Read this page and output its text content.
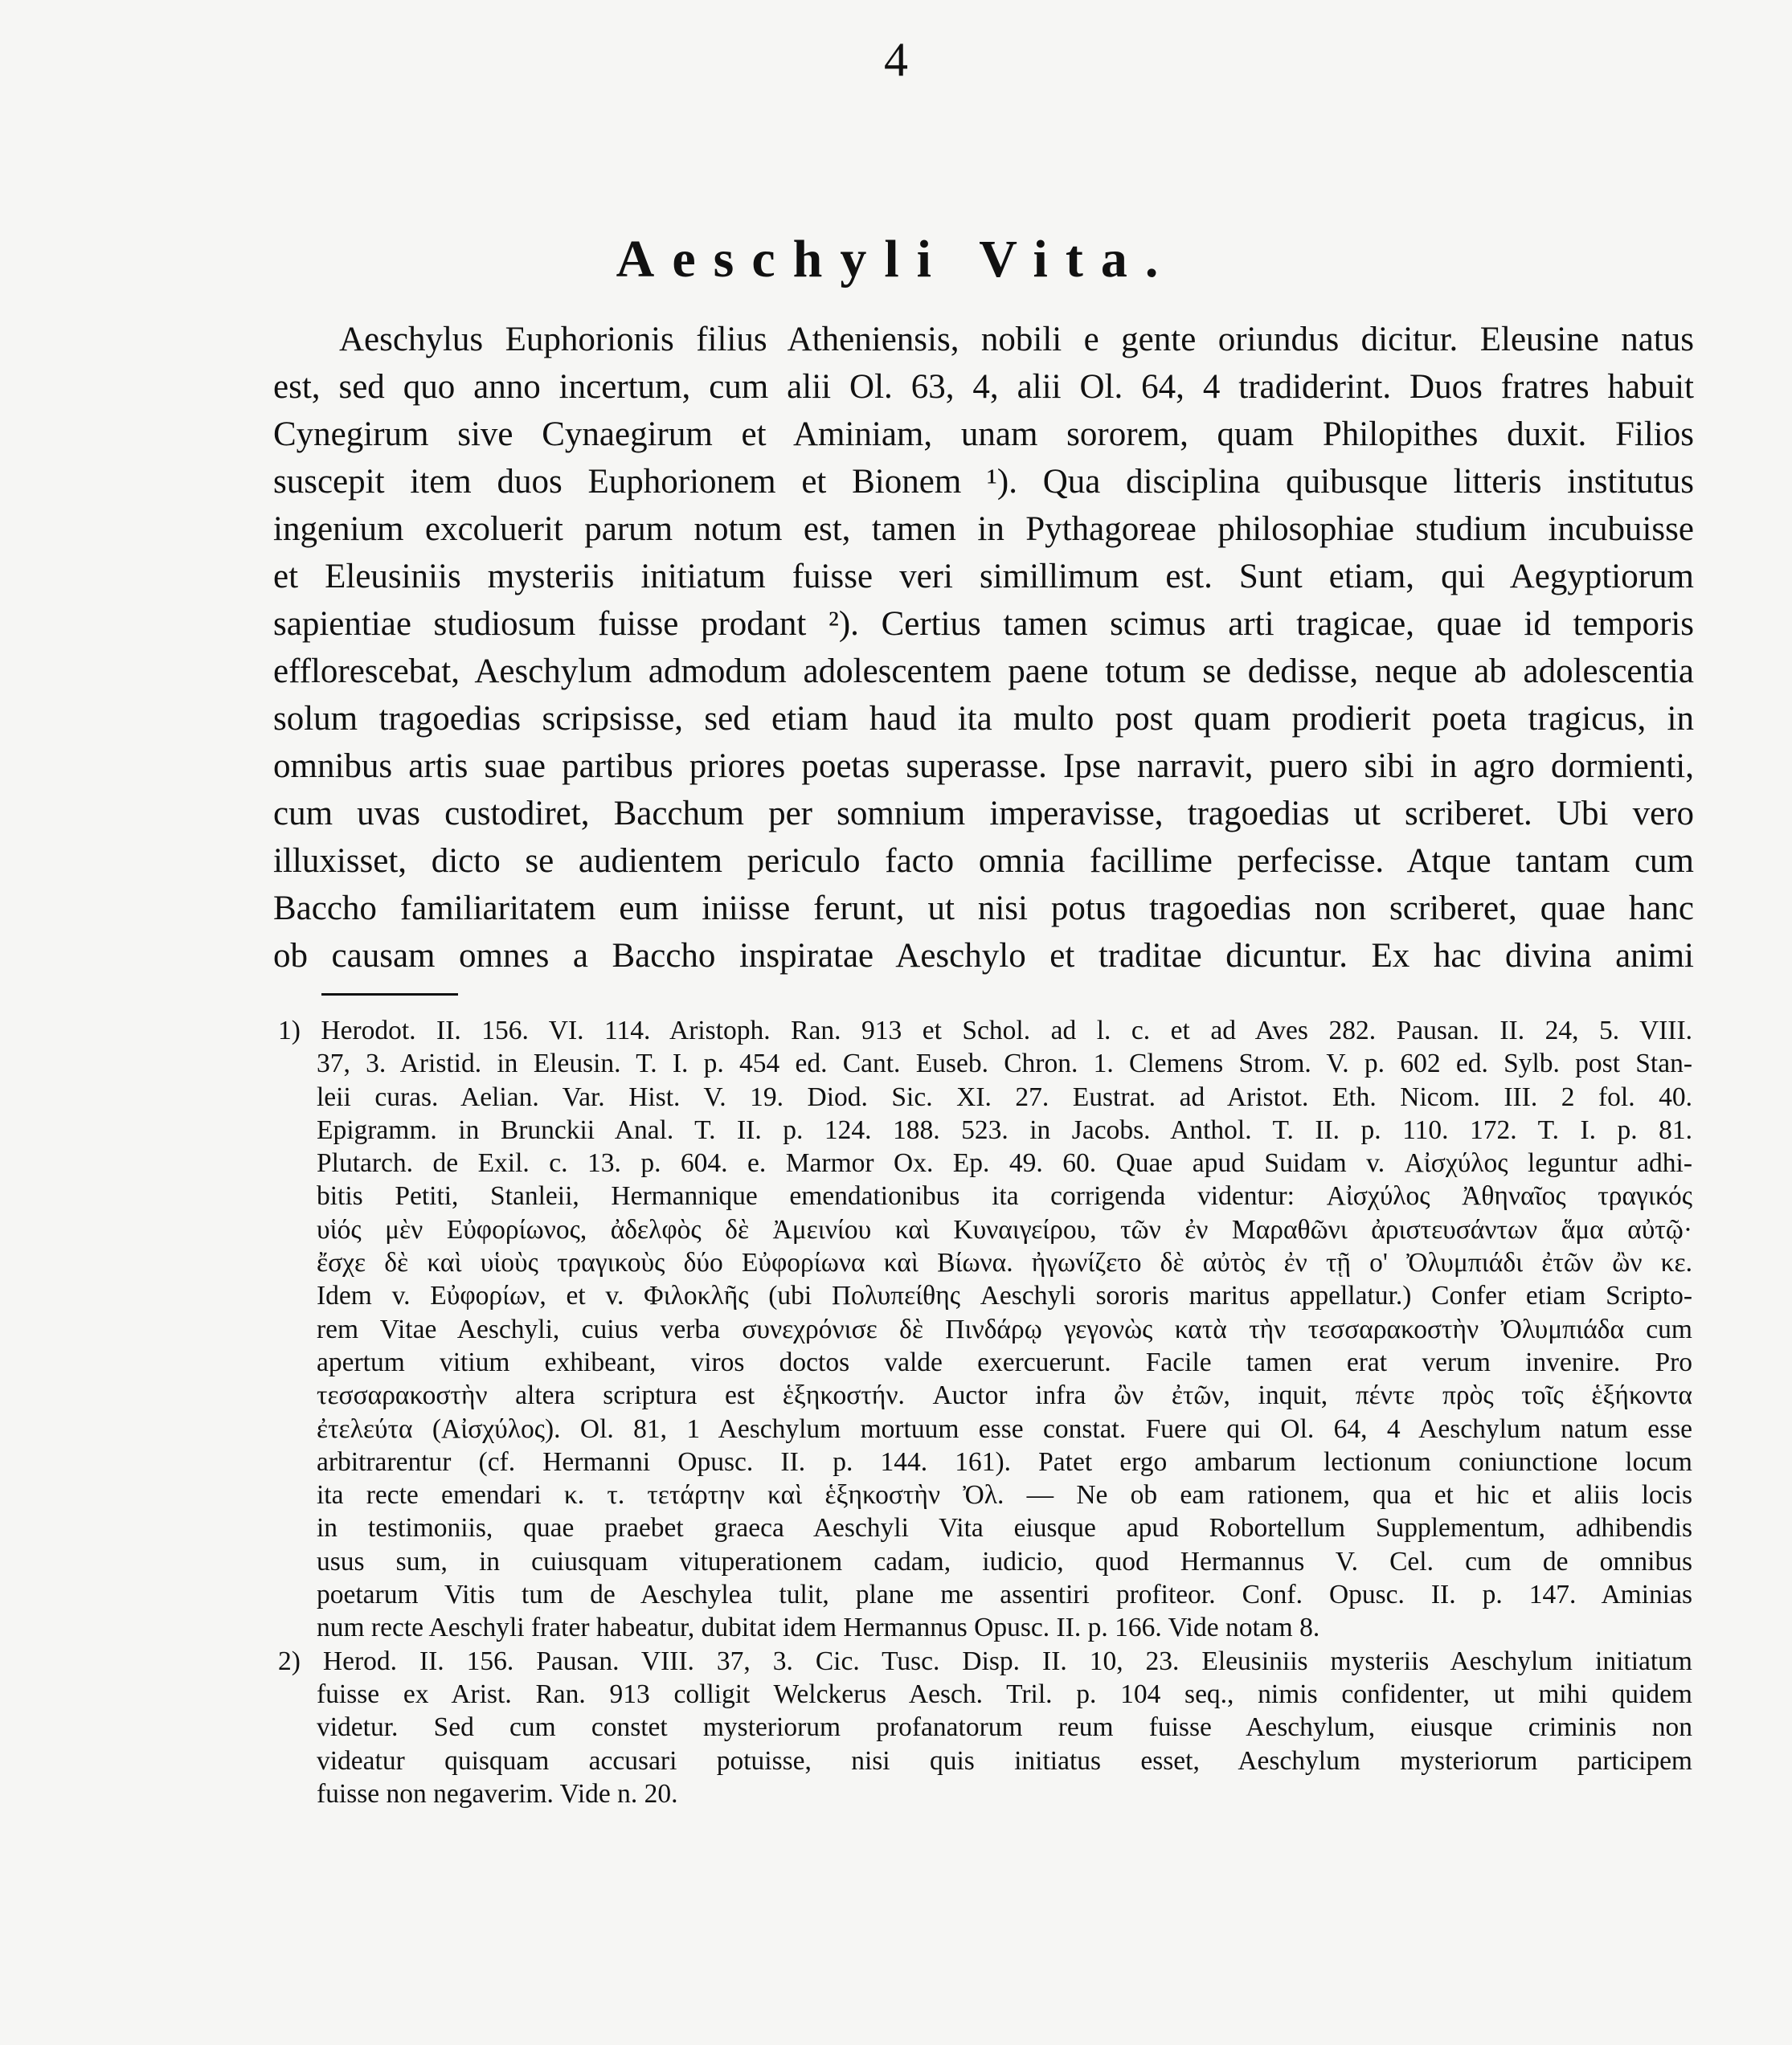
4
Aeschyli Vita.
Aeschylus Euphorionis filius Atheniensis, nobili e gente oriundus dicitur. Eleusine natus
est, sed quo anno incertum, cum alii Ol. 63, 4, alii Ol. 64, 4 tradiderint. Duos fratres habuit
Cynegirum sive Cynaegirum et Aminiam, unam sororem, quam Philopithes duxit. Filios
suscepit item duos Euphorionem et Bionem ¹). Qua disciplina quibusque litteris institutus
ingenium excoluerit parum notum est, tamen in Pythagoreae philosophiae studium incubuisse
et Eleusiniis mysteriis initiatum fuisse veri simillimum est. Sunt etiam, qui Aegyptiorum
sapientiae studiosum fuisse prodant ²). Certius tamen scimus arti tragicae, quae id temporis
efflorescebat, Aeschylum admodum adolescentem paene totum se dedisse, neque ab adolescentia
solum tragoedias scripsisse, sed etiam haud ita multo post quam prodierit poeta tragicus, in
omnibus artis suae partibus priores poetas superasse. Ipse narravit, puero sibi in agro dormienti,
cum uvas custodiret, Bacchum per somnium imperavisse, tragoedias ut scriberet. Ubi vero
illuxisset, dicto se audientem periculo facto omnia facillime perfecisse. Atque tantam cum
Baccho familiaritatem eum iniisse ferunt, ut nisi potus tragoedias non scriberet, quae hanc
ob causam omnes a Baccho inspiratae Aeschylo et traditae dicuntur. Ex hac divina animi
1) Herodot. II. 156. VI. 114. Aristoph. Ran. 913 et Schol. ad l. c. et ad Aves 282. Pausan. II. 24, 5. VIII.
37, 3. Aristid. in Eleusin. T. I. p. 454 ed. Cant. Euseb. Chron. 1. Clemens Strom. V. p. 602 ed. Sylb. post Stan-
leii curas. Aelian. Var. Hist. V. 19. Diod. Sic. XI. 27. Eustrat. ad Aristot. Eth. Nicom. III. 2 fol. 40.
Epigramm. in Brunckii Anal. T. II. p. 124. 188. 523. in Jacobs. Anthol. T. II. p. 110. 172. T. I. p. 81.
Plutarch. de Exil. c. 13. p. 604. e. Marmor Ox. Ep. 49. 60. Quae apud Suidam v. Αἰσχύλος leguntur adhi-
bitis Petiti, Stanleii, Hermannique emendationibus ita corrigenda videntur: Αἰσχύλος Ἀθηναῖος τραγικός
υἱός μὲν Εὐφορίωνος, ἀδελφὸς δὲ Ἀμεινίου καὶ Κυναιγείρου, τῶν ἐν Μαραθῶνι ἀριστευσάντων ἅμα αὐτῷ·
ἔσχε δὲ καὶ υἱοὺς τραγικοὺς δύο Εὐφορίωνα καὶ Βίωνα. ἠγωνίζετο δὲ αὐτὸς ἐν τῇ ο' Ὀλυμπιάδι ἐτῶν ὢν κε.
Idem v. Εὐφορίων, et v. Φιλοκλῆς (ubi Πολυπείθης Aeschyli sororis maritus appellatur.) Confer etiam Scripto-
rem Vitae Aeschyli, cuius verba συνεχρόνισε δὲ Πινδάρῳ γεγονὼς κατὰ τὴν τεσσαρακοστὴν Ὀλυμπιάδα cum
apertum vitium exhibeant, viros doctos valde exercuerunt. Facile tamen erat verum invenire. Pro
τεσσαρακοστὴν altera scriptura est ἑξηκοστήν. Auctor infra ὢν ἐτῶν, inquit, πέντε πρὸς τοῖς ἑξήκοντα
ἐτελεύτα (Αἰσχύλος). Ol. 81, 1 Aeschylum mortuum esse constat. Fuere qui Ol. 64, 4 Aeschylum natum esse
arbitrarentur (cf. Hermanni Opusc. II. p. 144. 161). Patet ergo ambarum lectionum coniunctione locum
ita recte emendari κ. τ. τετάρτην καὶ ἑξηκοστὴν Ὀλ. — Ne ob eam rationem, qua et hic et aliis locis
in testimoniis, quae praebet graeca Aeschyli Vita eiusque apud Robortellum Supplementum, adhibendis
usus sum, in cuiusquam vituperationem cadam, iudicio, quod Hermannus V. Cel. cum de omnibus
poetarum Vitis tum de Aeschylea tulit, plane me assentiri profiteor. Conf. Opusc. II. p. 147. Aminias
num recte Aeschyli frater habeatur, dubitat idem Hermannus Opusc. II. p. 166. Vide notam 8.
2) Herod. II. 156. Pausan. VIII. 37, 3. Cic. Tusc. Disp. II. 10, 23. Eleusiniis mysteriis Aeschylum initiatum
fuisse ex Arist. Ran. 913 colligit Welckerus Aesch. Tril. p. 104 seq., nimis confidenter, ut mihi quidem
videtur. Sed cum constet mysteriorum profanatorum reum fuisse Aeschylum, eiusque criminis non
videatur quisquam accusari potuisse, nisi quis initiatus esset, Aeschylum mysteriorum participem
fuisse non negaverim. Vide n. 20.
